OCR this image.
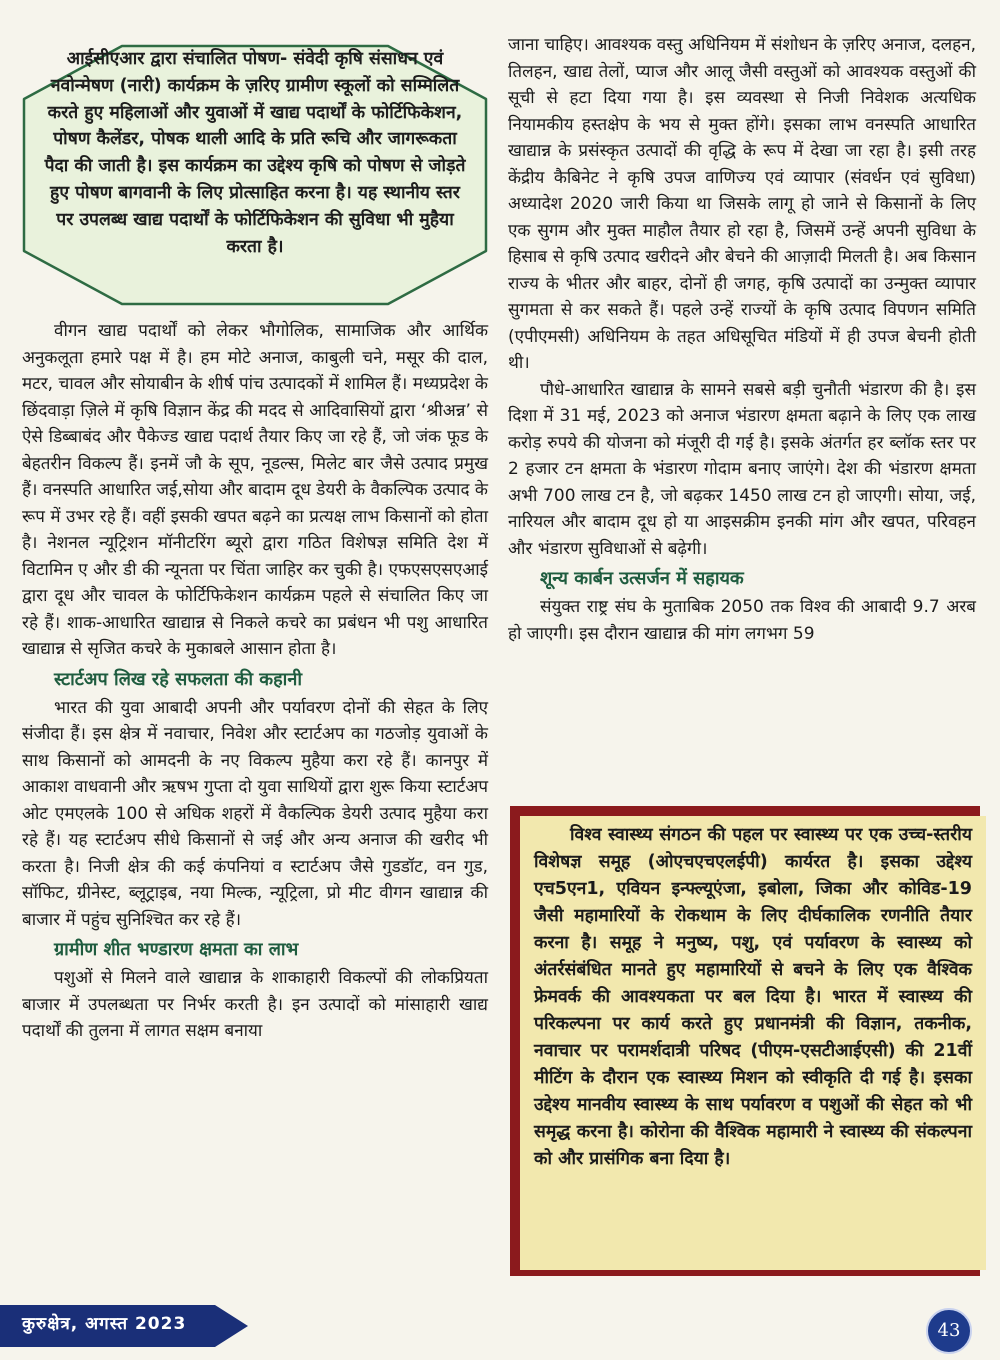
आईसीएआर द्वारा संचालित पोषण- संवेदी कृषि संसाधन एवं नवोन्मेषण (नारी) कार्यक्रम के ज़रिए ग्रामीण स्कूलों को सम्मिलित करते हुए महिलाओं और युवाओं में खाद्य पदार्थों के फोर्टिफिकेशन, पोषण कैलेंडर, पोषक थाली आदि के प्रति रूचि और जागरूकता पैदा की जाती है। इस कार्यक्रम का उद्देश्य कृषि को पोषण से जोड़ते हुए पोषण बागवानी के लिए प्रोत्साहित करना है। यह स्थानीय स्तर पर उपलब्ध खाद्य पदार्थों के फोर्टिफिकेशन की सुविधा भी मुहैया करता है।

वीगन खाद्य पदार्थों को लेकर भौगोलिक, सामाजिक और आर्थिक अनुकलूता हमारे पक्ष में है। हम मोटे अनाज, काबुली चने, मसूर की दाल, मटर, चावल और सोयाबीन के शीर्ष पांच उत्पादकों में शामिल हैं। मध्यप्रदेश के छिंदवाड़ा ज़िले में कृषि विज्ञान केंद्र की मदद से आदिवासियों द्वारा ‘श्रीअन्न’ से ऐसे डिब्बाबंद और पैकेज्ड खाद्य पदार्थ तैयार किए जा रहे हैं, जो जंक फूड के बेहतरीन विकल्प हैं। इनमें जौ के सूप, नूडल्स, मिलेट बार जैसे उत्पाद प्रमुख हैं। वनस्पति आधारित जई,सोया और बादाम दूध डेयरी के वैकल्पिक उत्पाद के रूप में उभर रहे हैं। वहीं इसकी खपत बढ़ने का प्रत्यक्ष लाभ किसानों को होता है। नेशनल न्यूट्रिशन मॉनीटरिंग ब्यूरो द्वारा गठित विशेषज्ञ समिति देश में विटामिन ए और डी की न्यूनता पर चिंता जाहिर कर चुकी है। एफएसएसएआई द्वारा दूध और चावल के फोर्टिफिकेशन कार्यक्रम पहले से संचालित किए जा रहे हैं। शाक-आधारित खाद्यान्न से निकले कचरे का प्रबंधन भी पशु आधारित खाद्यान्न से सृजित कचरे के मुकाबले आसान होता है।

स्टार्टअप लिख रहे सफलता की कहानी

भारत की युवा आबादी अपनी और पर्यावरण दोनों की सेहत के लिए संजीदा हैं। इस क्षेत्र में नवाचार, निवेश और स्टार्टअप का गठजोड़ युवाओं के साथ किसानों को आमदनी के नए विकल्प मुहैया करा रहे हैं। कानपुर में आकाश वाधवानी और ऋषभ गुप्ता दो युवा साथियों द्वारा शुरू किया स्टार्टअप ओट एमएलके 100 से अधिक शहरों में वैकल्पिक डेयरी उत्पाद मुहैया करा रहे हैं। यह स्टार्टअप सीधे किसानों से जई और अन्य अनाज की खरीद भी करता है। निजी क्षेत्र की कई कंपनियां व स्टार्टअप जैसे गुडडॉट, वन गुड, सॉफिट, ग्रीनेस्ट, ब्लूट्राइब, नया मिल्क, न्यूट्रिला, प्रो मीट वीगन खाद्यान्न की बाजार में पहुंच सुनिश्चित कर रहे हैं।

ग्रामीण शीत भण्डारण क्षमता का लाभ

पशुओं से मिलने वाले खाद्यान्न के शाकाहारी विकल्पों की लोकप्रियता बाजार में उपलब्धता पर निर्भर करती है। इन उत्पादों को मांसाहारी खाद्य पदार्थों की तुलना में लागत सक्षम बनाया

जाना चाहिए। आवश्यक वस्तु अधिनियम में संशोधन के ज़रिए अनाज, दलहन, तिलहन, खाद्य तेलों, प्याज और आलू जैसी वस्तुओं को आवश्यक वस्तुओं की सूची से हटा दिया गया है। इस व्यवस्था से निजी निवेशक अत्यधिक नियामकीय हस्तक्षेप के भय से मुक्त होंगे। इसका लाभ वनस्पति आधारित खाद्यान्न के प्रसंस्कृत उत्पादों की वृद्धि के रूप में देखा जा रहा है। इसी तरह केंद्रीय कैबिनेट ने कृषि उपज वाणिज्य एवं व्यापार (संवर्धन एवं सुविधा) अध्यादेश 2020 जारी किया था जिसके लागू हो जाने से किसानों के लिए एक सुगम और मुक्त माहौल तैयार हो रहा है, जिसमें उन्हें अपनी सुविधा के हिसाब से कृषि उत्पाद खरीदने और बेचने की आज़ादी मिलती है। अब किसान राज्य के भीतर और बाहर, दोनों ही जगह, कृषि उत्पादों का उन्मुक्त व्यापार सुगमता से कर सकते हैं। पहले उन्हें राज्यों के कृषि उत्पाद विपणन समिति (एपीएमसी) अधिनियम के तहत अधिसूचित मंडियों में ही उपज बेचनी होती थी।

पौधे-आधारित खाद्यान्न के सामने सबसे बड़ी चुनौती भंडारण की है। इस दिशा में 31 मई, 2023 को अनाज भंडारण क्षमता बढ़ाने के लिए एक लाख करोड़ रुपये की योजना को मंजूरी दी गई है। इसके अंतर्गत हर ब्लॉक स्तर पर 2 हजार टन क्षमता के भंडारण गोदाम बनाए जाएंगे। देश की भंडारण क्षमता अभी 700 लाख टन है, जो बढ़कर 1450 लाख टन हो जाएगी। सोया, जई, नारियल और बादाम दूध हो या आइसक्रीम इनकी मांग और खपत, परिवहन और भंडारण सुविधाओं से बढ़ेगी।

शून्य कार्बन उत्सर्जन में सहायक

संयुक्त राष्ट्र संघ के मुताबिक 2050 तक विश्व की आबादी 9.7 अरब हो जाएगी। इस दौरान खाद्यान्न की मांग लगभग 59

विश्व स्वास्थ्य संगठन की पहल पर स्वास्थ्य पर एक उच्च-स्तरीय विशेषज्ञ समूह (ओएचएचएलईपी) कार्यरत है। इसका उद्देश्य एच5एन1, एवियन इन्फ्ल्यूएंजा, इबोला, जिका और कोविड-19 जैसी महामारियों के रोकथाम के लिए दीर्घकालिक रणनीति तैयार करना है। समूह ने मनुष्य, पशु, एवं पर्यावरण के स्वास्थ्य को अंतर्रसंबंधित मानते हुए महामारियों से बचने के लिए एक वैश्विक फ्रेमवर्क की आवश्यकता पर बल दिया है। भारत में स्वास्थ्य की परिकल्पना पर कार्य करते हुए प्रधानमंत्री की विज्ञान, तकनीक, नवाचार पर परामर्शदात्री परिषद (पीएम-एसटीआईएसी) की 21वीं मीटिंग के दौरान एक स्वास्थ्य मिशन को स्वीकृति दी गई है। इसका उद्देश्य मानवीय स्वास्थ्य के साथ पर्यावरण व पशुओं की सेहत को भी समृद्ध करना है। कोरोना की वैश्विक महामारी ने स्वास्थ्य की संकल्पना को और प्रासंगिक बना दिया है।

कुरुक्षेत्र, अगस्त 2023	43
